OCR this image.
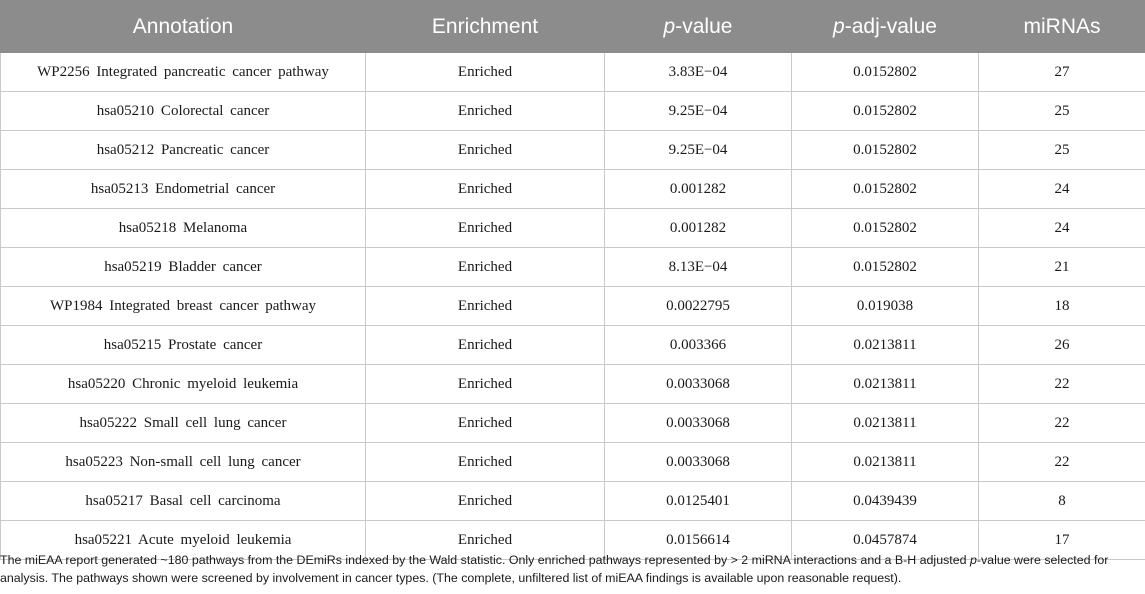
Annotation	Enrichment	p-value	p-adj-value	miRNAs
WP2256 Integrated pancreatic cancer pathway	Enriched	3.83E−04	0.0152802	27
hsa05210 Colorectal cancer	Enriched	9.25E−04	0.0152802	25
hsa05212 Pancreatic cancer	Enriched	9.25E−04	0.0152802	25
hsa05213 Endometrial cancer	Enriched	0.001282	0.0152802	24
hsa05218 Melanoma	Enriched	0.001282	0.0152802	24
hsa05219 Bladder cancer	Enriched	8.13E−04	0.0152802	21
WP1984 Integrated breast cancer pathway	Enriched	0.0022795	0.019038	18
hsa05215 Prostate cancer	Enriched	0.003366	0.0213811	26
hsa05220 Chronic myeloid leukemia	Enriched	0.0033068	0.0213811	22
hsa05222 Small cell lung cancer	Enriched	0.0033068	0.0213811	22
hsa05223 Non-small cell lung cancer	Enriched	0.0033068	0.0213811	22
hsa05217 Basal cell carcinoma	Enriched	0.0125401	0.0439439	8
hsa05221 Acute myeloid leukemia	Enriched	0.0156614	0.0457874	17
The miEAA report generated ~180 pathways from the DEmiRs indexed by the Wald statistic. Only enriched pathways represented by > 2 miRNA interactions and a B-H adjusted p-value were selected for analysis. The pathways shown were screened by involvement in cancer types. (The complete, unfiltered list of miEAA findings is available upon reasonable request).
